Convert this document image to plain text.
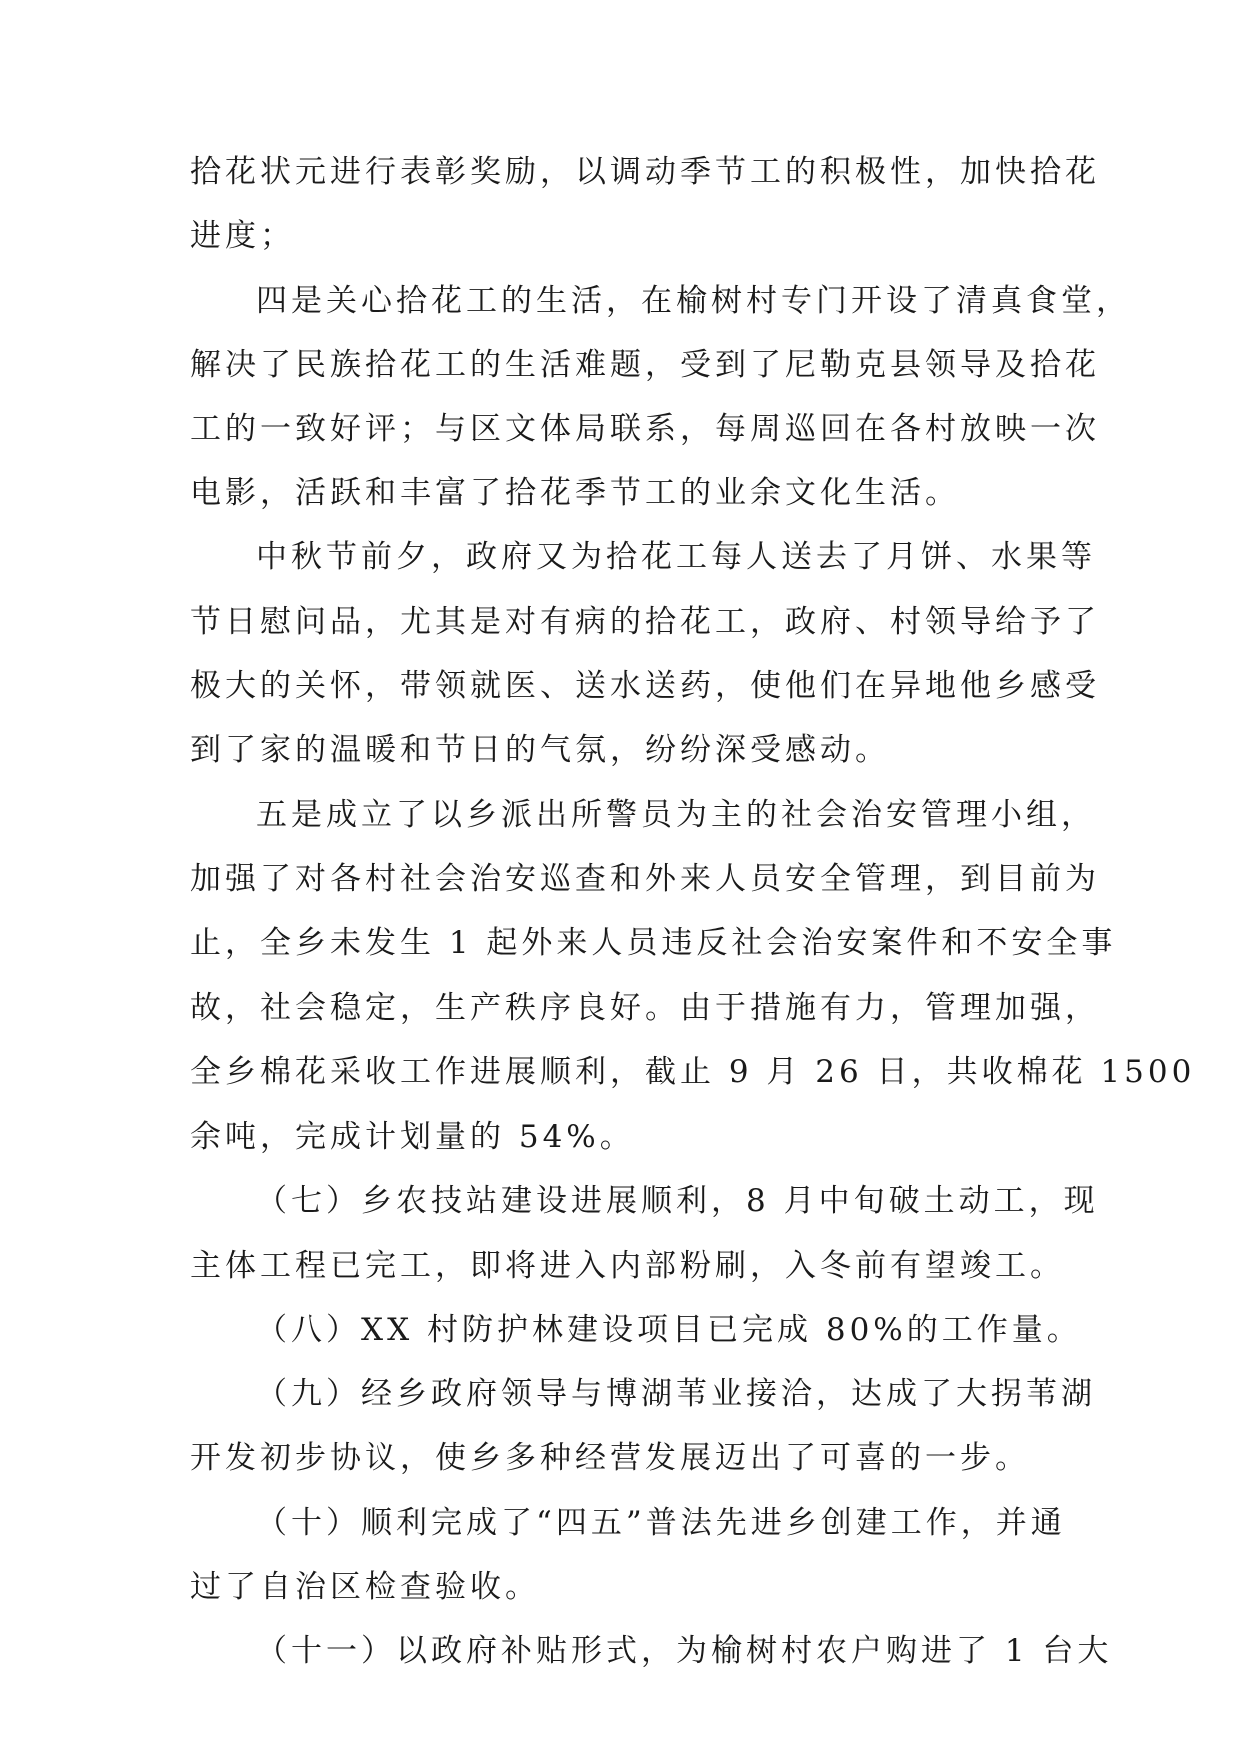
拾花状元进行表彰奖励，以调动季节工的积极性，加快拾花

进度；

四是关心拾花工的生活，在榆树村专门开设了清真食堂，

解决了民族拾花工的生活难题，受到了尼勒克县领导及拾花

工的一致好评；与区文体局联系，每周巡回在各村放映一次

电影，活跃和丰富了拾花季节工的业余文化生活。

中秋节前夕，政府又为拾花工每人送去了月饼、水果等

节日慰问品，尤其是对有病的拾花工，政府、村领导给予了

极大的关怀，带领就医、送水送药，使他们在异地他乡感受

到了家的温暖和节日的气氛，纷纷深受感动。

五是成立了以乡派出所警员为主的社会治安管理小组，

加强了对各村社会治安巡查和外来人员安全管理，到目前为

止，全乡未发生 1 起外来人员违反社会治安案件和不安全事

故，社会稳定，生产秩序良好。由于措施有力，管理加强，

全乡棉花采收工作进展顺利，截止 9 月 26 日，共收棉花 1500

余吨，完成计划量的 54%。

（七）乡农技站建设进展顺利，8 月中旬破土动工，现

主体工程已完工，即将进入内部粉刷，入冬前有望竣工。

（八）XX 村防护林建设项目已完成 80%的工作量。

（九）经乡政府领导与博湖苇业接洽，达成了大拐苇湖

开发初步协议，使乡多种经营发展迈出了可喜的一步。

（十）顺利完成了“四五”普法先进乡创建工作，并通

过了自治区检查验收。

（十一）以政府补贴形式，为榆树村农户购进了 1 台大
